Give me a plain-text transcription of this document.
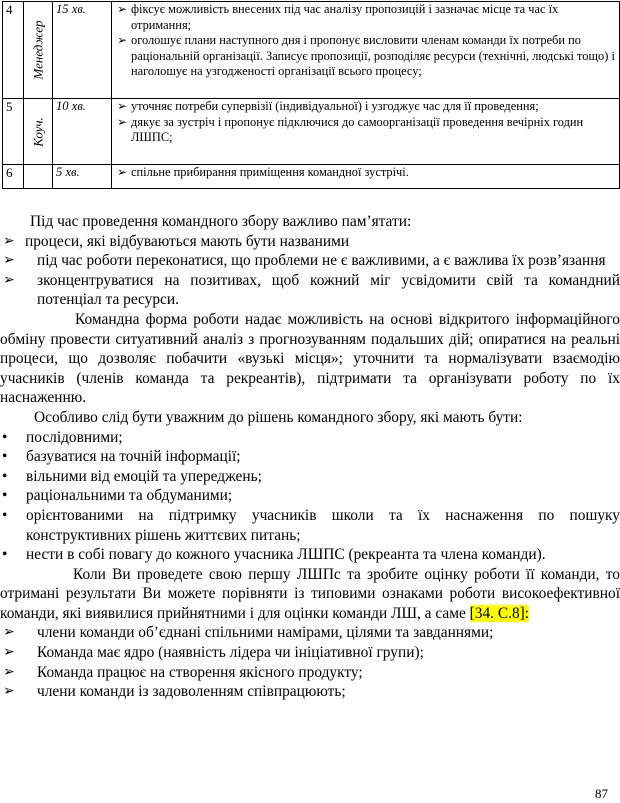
4	Менеджер	15 хв.	➢ фіксує можливість внесених під час аналізу пропозицій і зазначає місце та час їх отримання;
➢ оголошує плани наступного дня і пропонує висловити членам команди їх потреби по раціональній організації. Записує пропозиції, розподіляє ресурси (технічні, людські тощо) і наголошує на узгодженості організації всього процесу;

5	Коуч.	10 хв.	➢ уточняє потреби супервізії (індивідуальної) і узгоджує час для її проведення;
➢ дякує за зустріч і пропонує підключися до самоорганізації проведення вечірніх годин ЛШПС;

6		5 хв.	➢ спільне прибирання приміщення командної зустрічі.

Під час проведення командного збору важливо пам’ятати:

➢ процеси, які відбуваються мають бути названими
➢	під час роботи переконатися, що проблеми не є важливими, а є важлива їх розв’язання
➢	зконцентруватися на позитивах, щоб кожний міг усвідомити свій та командний потенціал та ресурси.

Командна форма роботи надає можливість на основі відкритого інформаційного обміну провести ситуативний аналіз з прогнозуванням подальших дій; опиратися на реальні процеси, що дозволяє побачити «вузькі місця»; уточнити та нормалізувати взаємодію учасників (членів команда та рекреантів), підтримати та організувати роботу по їх наснаженню.

Особливо слід бути уважним до рішень командного збору, які мають бути:

•	послідовними;
•	базуватися на точній інформації;
•	вільними від емоцій та упереджень;
•	раціональними та обдуманими;
•	орієнтованими на підтримку учасників школи та їх наснаження по пошуку конструктивних рішень життєвих питань;
•	нести в собі повагу до кожного учасника ЛШПС (рекреанта та члена команди).

Коли Ви проведете свою першу ЛШПс та зробите оцінку роботи її команди, то отримані результати Ви можете порівняти із типовими ознаками роботи високоефективної команди, які виявилися прийнятними і для оцінки команди ЛШ, а саме [34. С.8]:

➢	члени команди об’єднані спільними намірами, цілями та завданнями;
➢	Команда має ядро (наявність лідера чи ініціативної групи);
➢	Команда працює на створення якісного продукту;
➢	члени команди із задоволенням співпрацюють;
87
